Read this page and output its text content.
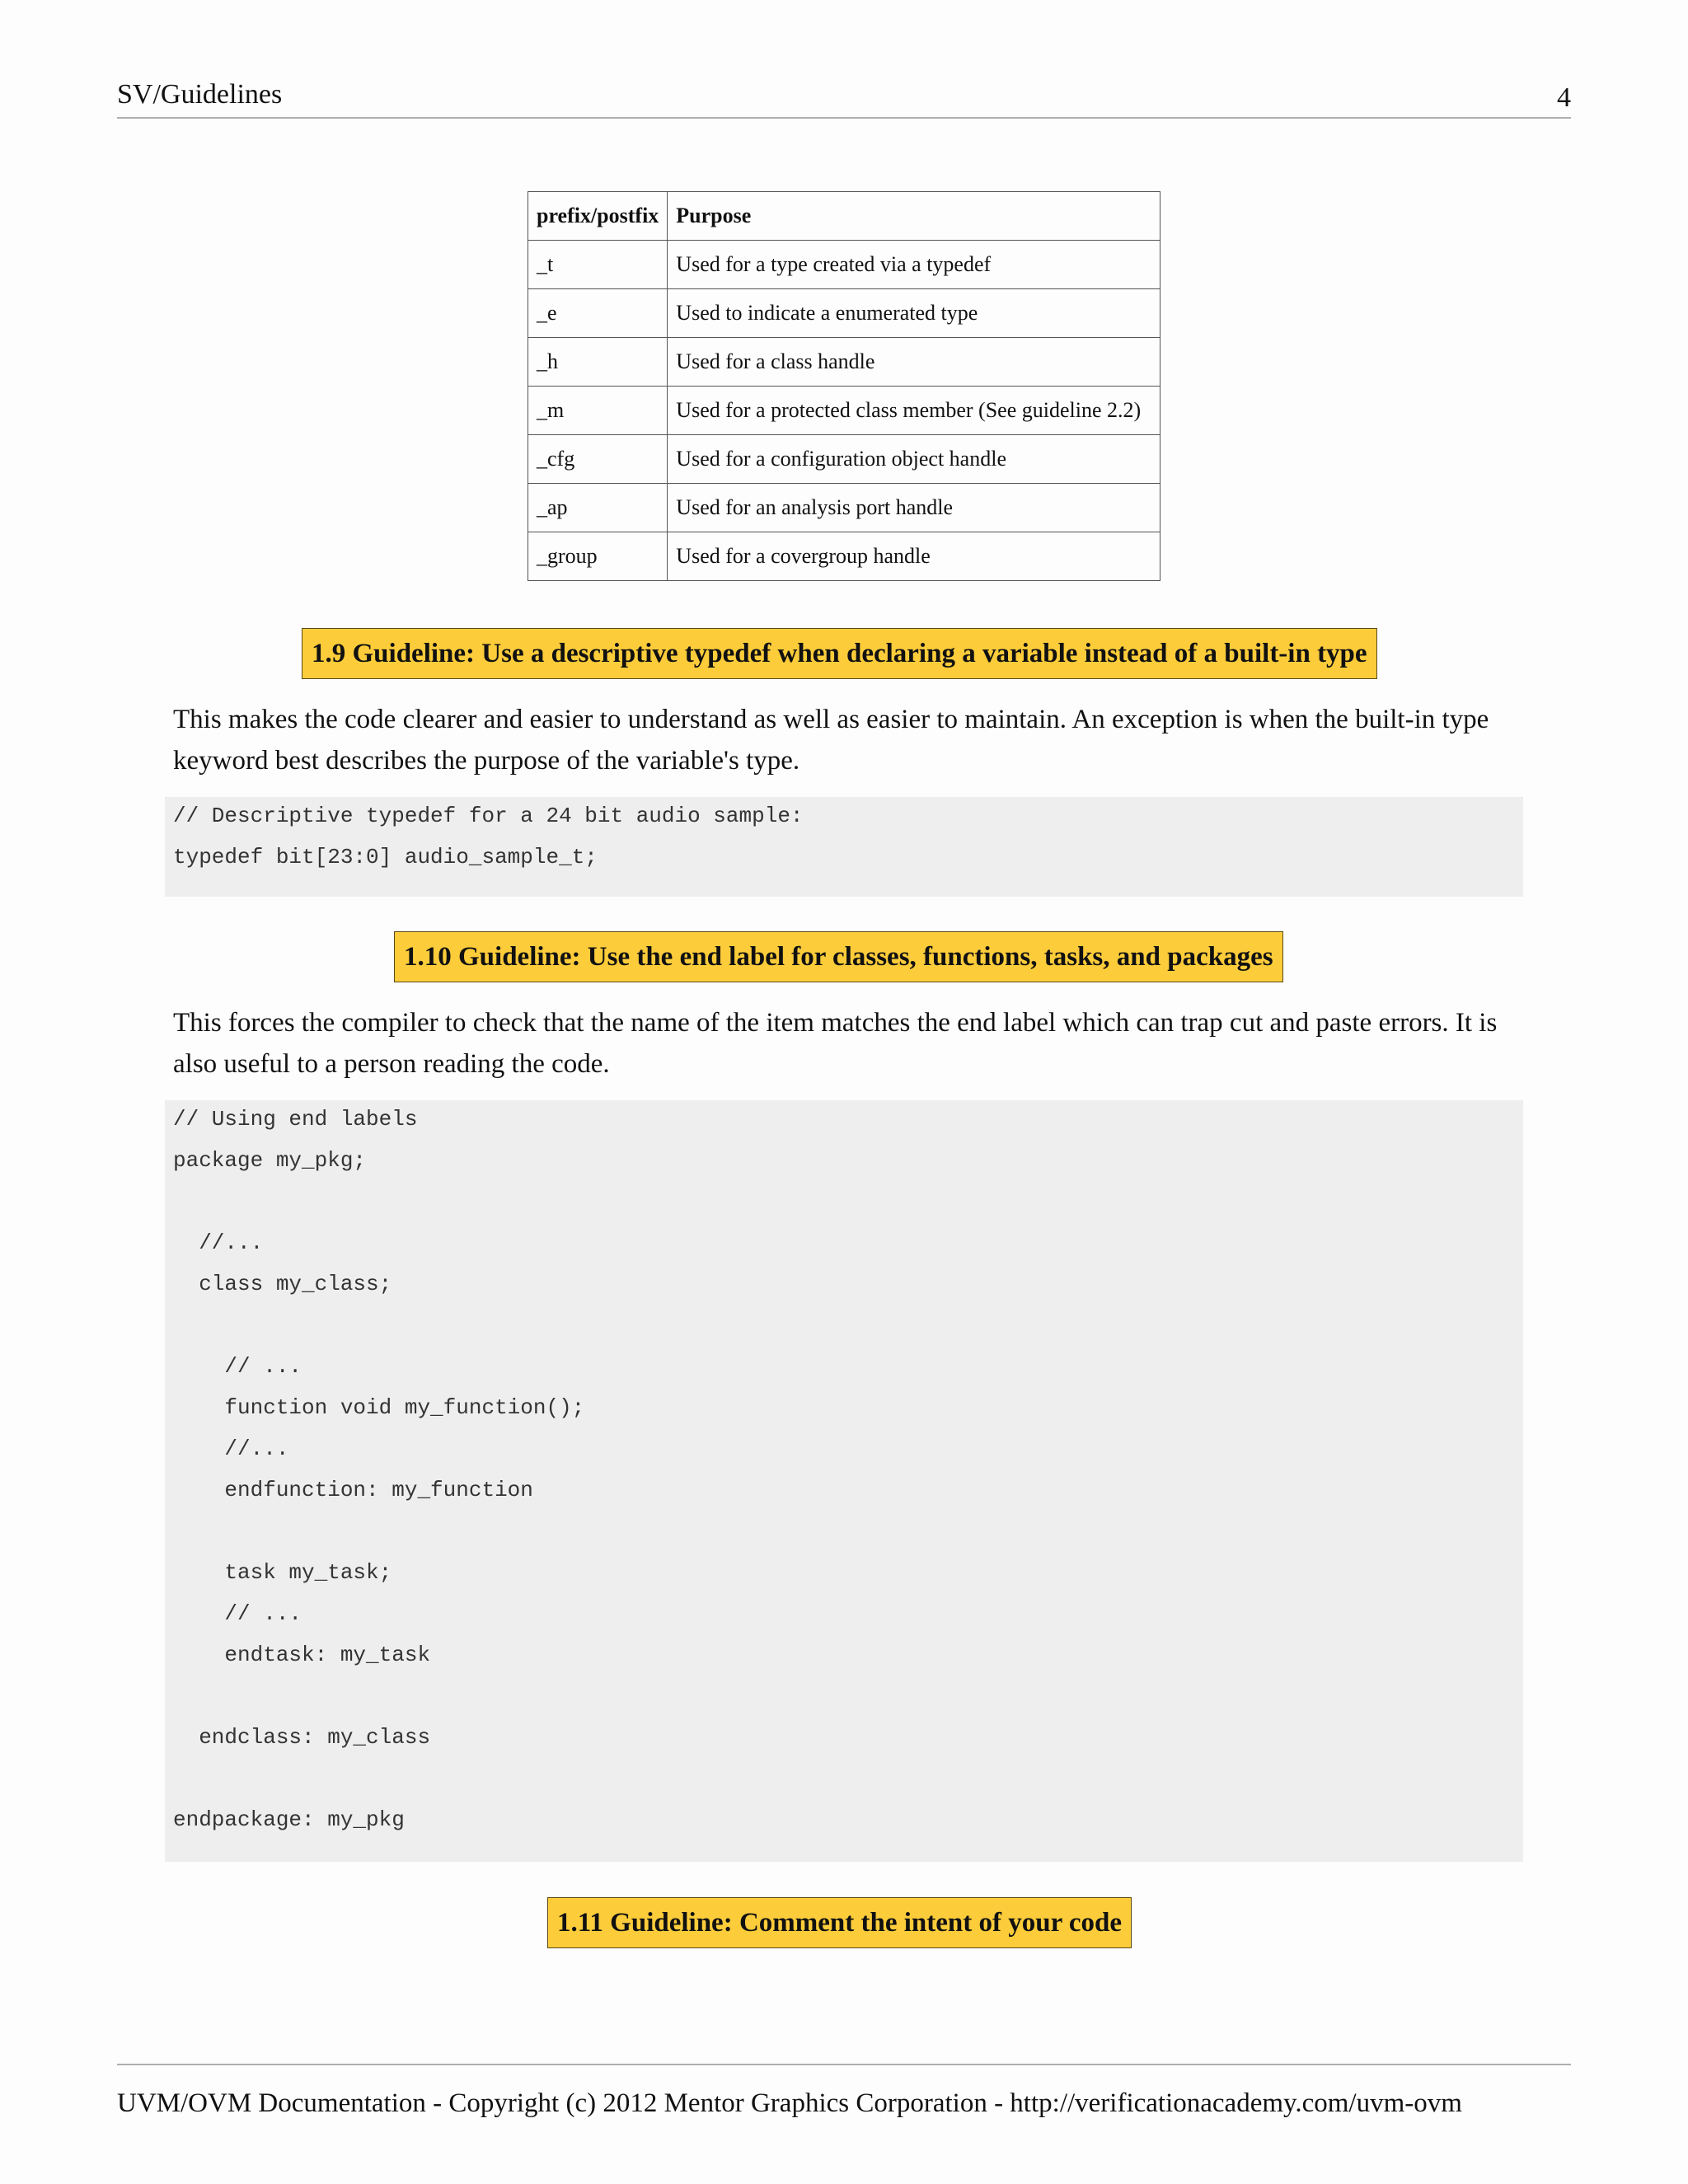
SV/Guidelines	4
prefix/postfix	Purpose
_t	Used for a type created via a typedef
_e	Used to indicate a enumerated type
_h	Used for a class handle
_m	Used for a protected class member (See guideline 2.2)
_cfg	Used for a configuration object handle
_ap	Used for an analysis port handle
_group	Used for a covergroup handle
1.9 Guideline: Use a descriptive typedef when declaring a variable instead of a built-in type
This makes the code clearer and easier to understand as well as easier to maintain. An exception is when the built-in type keyword best describes the purpose of the variable's type.
// Descriptive typedef for a 24 bit audio sample:
typedef bit[23:0] audio_sample_t;
1.10 Guideline: Use the end label for classes, functions, tasks, and packages
This forces the compiler to check that the name of the item matches the end label which can trap cut and paste errors. It is also useful to a person reading the code.
// Using end labels
package my_pkg;
//...
class my_class;
// ...
function void my_function();
//...
endfunction: my_function
task my_task;
// ...
endtask: my_task
endclass: my_class
endpackage: my_pkg
1.11 Guideline: Comment the intent of your code
UVM/OVM Documentation - Copyright (c) 2012 Mentor Graphics Corporation - http://verificationacademy.com/uvm-ovm
